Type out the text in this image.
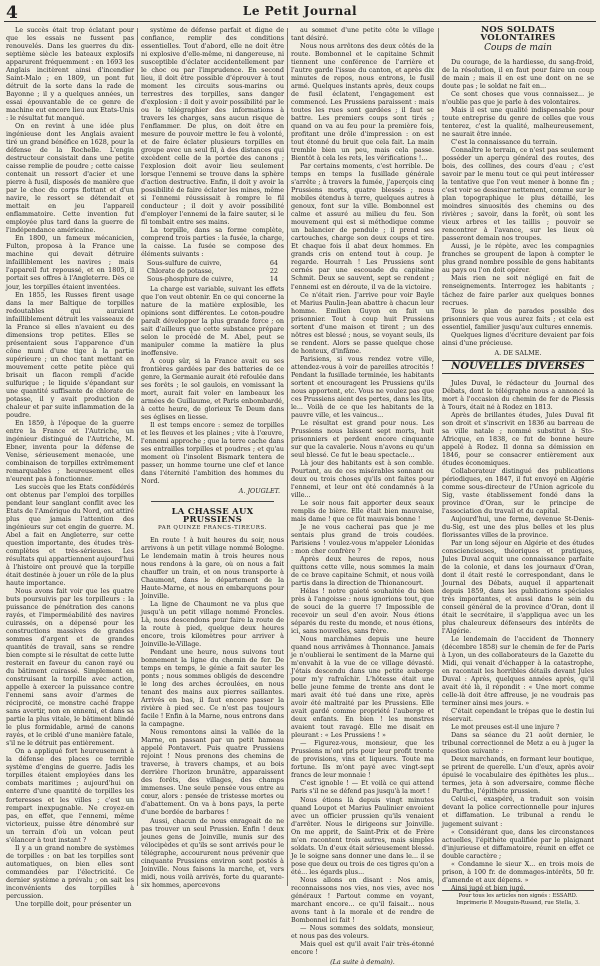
4	Le Petit Journal

Le succès était trop éclatant pour que les essais ne fussent pas renouvelés. Dans les guerres du dix-septième siècle les bateaux explosifs apparurent fréquemment : en 1693 les Anglais incitèrent ainsi d'incendier Saint-Malo ; en 1809, un pont fut détruit de la sorte dans la rade de Bayonne ; il y a quelques années, un essai épouvantable de ce genre de machine eut encore lieu aux Etats-Unis : le résultat fut manqué.

On en revint à une idée plus ingénieuse dont les Anglais avaient tiré un grand bénéfice en 1628, pour la défense de la Rochelle. L'engin destructeur consistait dans une petite caisse remplie de poudre ; cette caisse contenait un ressort d'acier et une pierre à fusil, disposés de manière que par le choc du corps flottant et d'un navire, le ressort se détendait et mettait en jeu l'appareil enflammatoire. Cette invention fut employée plus tard dans la guerre de l'indépendance américaine.

En 1800, un fameux mécanicien, Fulton, proposa à la France une machine qui devait détruire infailliblement les navires ; mais l'appareil fut repoussé, et en 1805, il portait ses offres à l'Angleterre. Dès ce jour, les torpilles étaient inventées.

En 1855, les Russes firent usage dans la mer Baltique de torpilles redoutables qui auraient infailliblement détruit les vaisseaux de la France si elles n'avaient eu des dimensions trop petites. Elles se présentaient sous l'apparence d'un cône muni d'une tige à la partie supérieure ; un choc tant mettant en mouvement cette petite pièce qui brisait un flacon rempli d'acide sulfurique ; le liquide s'épandant sur une quantité suffisante de chlorate de potasse, il y avait production de chaleur et par suite inflammation de la poudre.

En 1859, à l'époque de la guerre entre la France et l'Autriche, un ingénieur distingué de l'Autriche, M. Ebner, inventa pour la défense de Venise, sérieusement menacée, une combinaison de torpilles extrêmement remarquables ; heureusement elles n'eurent pas à fonctionner.

Les succès que les Etats confédérés ont obtenus par l'emploi des torpilles pendant leur sanglant conflit avec les Etats de l'Amérique du Nord, ont attiré plus que jamais l'attention des ingénieurs sur cet engin de guerre. M. Abel a fait en Angleterre, sur cette question importante, des études très-complètes et très-sérieuses. Les résultats qui appartiennent aujourd'hui à l'histoire ont prouvé que la torpille était destinée à jouer un rôle de la plus haute importance.

Nous avons fait voir que les quatre buts poursuivis par les torpilleurs : la puissance de pénétration des canons rayés, et l'imperméabilité des navires cuirassés, on a dépensé pour les constructions massives de grandes sommes d'argent et de grandes quantités de travail, sans se rendre bien compte si le résultat de cette lutte resterait en faveur du canon rayé ou du bâtiment cuirassé. Simplement en construisant la torpille avec action, appelle à exercer la puissance contre l'ennemi sans avoir d'armes de réciprocité, ce monstre caché frappe sans avertir, non en ennemi, et dans sa partie la plus vitale, le bâtiment blindé le plus formidable, armé de canons rayés, et le criblé d'une manière fatale, s'il ne le détruit pas entièrement.

On a appliqué fort heureusement à la défense des places ce terrible système d'engins de guerre. Jadis les torpilles étaient employées dans les combats maritimes ; aujourd'hui on enterre d'une quantité de torpilles les forteresses et les villes ; c'est un rempart inexpugnable. Ne croyez-en pas, en effet, que l'ennemi, même victorieux, puisse être dénombré sur un terrain d'où un volcan peut s'élancer à tout instant ?

Il y a un grand nombre de systèmes de torpilles : on bat les torpilles sont automatiques, on bien elles sont commandées par l'électricité. Ce dernier système a prévalu ; on sait les inconvénients des torpilles à percussion.

Une torpille doit, pour présenter un

système de défense parfait et digne de confiance, remplir des conditions essentielles. Tout d'abord, elle ne doit être ni explosive d'elle-même, ni dangereuse, ni susceptible d'éclater accidentellement par le choc ou par l'imprudence. En second lieu, il doit être possible d'éprouver à tout moment les circuits sous-marins ou terrestres des torpilles, sans danger d'explosion : il doit y avoir possibilité par le ou le télégraphier des informations à travers les charges, sans aucun risque de l'enflammer. De plus, on doit être en mesure de pouvoir mettre le feu à volonté, et de faire éclater plusieurs torpilles en groupe avec un seul fil, à des distances qui excèdent celle de la portée des canons ; l'explosion doit avoir lieu seulement lorsque l'ennemi se trouve dans la sphère d'action destructive. Enfin, il doit y avoir la possibilité de faire éclater les mines, même si l'ennemi réussissait à rompre le fil conducteur ; il doit y avoir possibilité d'employer l'ennemi de la faire sauter, si le fil tombait entre ses mains.

La torpille, dans sa forme complète, comprend trois parties : la fusée, la charge, la caisse. La fusée se compose des éléments suivants :

Sous-sulfure de cuivre,	64
Chlorate de potasse,	22
Sous-phosphure de cuivre,	14

La charge est variable, suivant les effets que l'on veut obtenir. En ce qui concerne la nature de la matière explosible, les opinions sont différentes. Le coton-poudre paraît développer la plus grande force ; on sait d'ailleurs que cette substance prépare selon le procédé de M. Abel, peut se manipuler comme la matière la plus inoffensive.

A coup sûr, si la France avait eu ses frontières gardées par des batteries de ce genre, la Germanie aurait été refoulée dans ses forêts ; le sol gaulois, en vomissant la mort, aurait fait voler en lambeaux les armées de Guillaume, et Paris enbombardé, à cette heure, de glorieux Te Deum dans ses églises en liesse.

Il est temps encore : semez de torpilles et les fleuves et les plaines ; vite à l'œuvre, l'ennemi approche ; que la terre cache dans ses entrailles torpilles et poudres ; et qu'au moment où l'insolent Bismark tentera de passer, un homme tourne une clef et lance dans l'éternité l'ambition des hommes du Nord.

A. JOUGLET.
LA CHASSE AUX PRUSSIENS
PAR QUINZE FRANCS-TIREURS.

En route ! à huit heures du soir, nous arrivons à un petit village nommé Bologne. Le lendemain matin à trois heures nous nous rendons à la gare, où on nous a fait chauffer un train, et on nous transporte à Chaumont, dans le département de la Haute-Marne, et nous en embarquons pour Joinville.

La ligne de Chaumont ne va plus que jusqu'à un petit village nommé Froncles. Là, nous descendons pour faire la route de la route à pied, quelque deux heures encore, trois kilomètres pour arriver à Joinville-le-Village.

Pendant une heure, nous suivons tout bonnement la ligne du chemin de fer. De temps en temps, le génie a fait sauter les ponts ; nous sommes obligés de descendre le long des arches écroulées, en nous tenant des mains aux pierres saillantes. Arrivés en bas, il faut encore passer la rivière à pied sec. Ce n'est pas toujours facile ! Enfin à la Marne, nous entrons dans la campagne.

Nous remontons ainsi la vallée de la Marne, en passant par un petit hameau appelé Pontavert. Puis quatre Prussiens rejoint ! Nous prenons des chemins de traverse, à travers champs, et au bois derrière l'horizon brunâtre, apparaissent des forêts, des villages, des champs immenses. Une seule pensée vous entre au cœur, alors : pensée de tristesse mortes ou d'abattement. On va à bons pays, la perte d'une bordée de barbares !

Aussi, chacun de nous enrageait de ne pas trouver un seul Prussien. Enfin ! deux jeunes gens de Joinville, munis sur des vélocipèdes et qu'ils se sont arrivés pour le télégraphe, accoururent nous prévenir que cinquante Prussiens environ sont postés à Joinville. Nous faisons la marche, et, vers midi, nous voilà arrivés, forte du quarante-six hommes, apercevons

au sommet d'une petite côte le village tant désiré.

Nous nous arrêtons des deux côtés de la route. Bombonnel et le capitaine Schmit tiennent une conférence de l'arrière et l'autre garde l'issue du canton, et après dix minutes de repos, nous entrons, le fusil armé. Quelques instants après, deux coups de fusil éclatent, l'engagement est commencé. Les Prussiens paraissent : mais toutes les rues sont gardées ; il faut se battre. Les premiers coups sont tirés ; quand on va au feu pour la première fois, profitant une drôle d'impression : on est tout étonné du bruit que cela fait. La main tremble bien un peu, mais cela passe. Bientôt à cela les rets, les vérifications !...

Par certains moments, c'est horrible. De temps en temps la fusillade générale s'arrête ; à travers la fumée, j'aperçois cinq Prussiens morts, quatre blessés ; nous mobiles étendus à terre, quelques autres à genoux, font sur la ville. Bombonnel est calme et assuré au milieu du feu. Son mouvement qui est si méthodique comme un balancier de pendule ; il prend ses cartouches, charge son deux coups et tire. Et chaque fois il abat deux hommes. En grands cris on entend tout à coup. Je regarde. Hourrah ! Les Prussiens sont cernés par une escouade du capitaine Schmit. Deux se sauvent, sept se rendent ; l'ennemi est en déroute, il va de la victoire.

Ce n'était rien. J'arrive pour voir Bayle et Marius Paulin-Jean abattre à chacun leur homme. Emilien Guyon en fait un prisonnier. Tout à coup huit Prussiens sortent d'une maison et tirent ; un des nôtres est blessé ; nous, se voyant seuls, ils se rendent. Alors se passe quelque chose de honteux, d'infâme.

Parisiens, si vous rendez votre ville, attendez-vous à voir de pareilles atrocités ! Pendant la fusillade terminée, les habitants sortent et encouragent les Prussiens qu'ils nous apportent, etc. Vous ne voulez pas que ces Prussiens aient des pertes, dans les lits, le... Voilà de ce que les habitants de la pauvre ville, et les vaincus...

Le résultat est grand pour nous. Les Prussiens nous laissent sept morts, huit prisonniers et perdent encore cinquante sur que la cavalerie. Nous n'avons eu qu'un seul blessé. Ce fut le beau spectacle...

Là jour des habitants est à son comble. Pourtant, au de ces misérables sonnant ou deux ou trois choses qu'ils ont faites pour l'ennemi, et leur ont été condamnés à la ville...

Le soir nous fait apporter deux seaux remplis de bière. Elle était bien mauvaise, mais dame ! que ce fût mauvais bonne !

Je ne vous cacherai pas que je me sentais plus grand de trois coudées. Parisiens ! voulez-vous m'appeler Léonidas : mon cher confrère ?

Après deux heures de repos, nous quittons cette ville, nous sommes la main de ce brave capitaine Schmit, et nous voilà partis dans la direction de Thionancourt.

Hélas ! notre gaieté souhaitée du bien près à l'angoisse : nous ignorions tout, que de souci de la guerre !? Impossible de recevoir un seul d'en avoir. Nous étions séparés du reste du monde, et nous étions, ici, sans nouvelles, sans frère.

Nous marchâmes depuis une heure quand nous arrivâmes à Thonnance. Jamais je n'oublierai le sentiment de la Marne qui m'envahit à la vue de ce village dévasté. J'étais descendu dans une petite auberge pour m'y rafraîchir. L'hôtesse était une belle jeune femme de trente ans dont le mari avait été tué dans une rixe, après avoir été maltraité par les Prussiens. Elle avait gardé comme propriété l'auberge et deux enfants. En bien ! les monstres avaient tout ravagé. Elle me disait en pleurant : « Les Prussiens ! »

— Figurez-vous, monsieur, que les Prussiens m'ont pris pour leur profit trente de provisions, vins et liqueurs. Toute ma fortune. Ils m'ont payé avec vingt-sept francs de leur monnaie !

C'est ignoble ! — Et voilà ce qui attend Paris s'il ne se défend pas jusqu'à la mort !

Nous étions là depuis vingt minutes quand Loupot et Marius Paulinier envoient avec un officier prussien qu'ils venaient d'arrêter. Nous le dirigeons sur Joinville. On me apprit, de Saint-Prix et de Frère m'en racontent trois autres, mais simples soldats. Un d'eux était sérieusement blessé. Je le soigne sans donner une dans le... il se pose que deux ou trois de ces tigres qu'on a été... les égards plus...

Nous allons en disant : Nos amis, reconnaissons nos vies, nos vies, avec nos généraux ! Partout comme en voyant, marchant encore... ce qu'il faisait... nous avons tant à la morale et de rendre de Bombonnel ici fait !

— Nous sommes des soldats, monsieur, et nous pas des voleurs.

Mais quel est qu'il avait l'air très-étonné encore !

(La suite à demain).
NOS SOLDATS VOLONTAIRES
Coups de main

Du courage, de la hardiesse, du sang-froid, de la résolution, il en faut pour faire un coup de main ; mais il en est une dont on ne se doute pas ; le soldat ne fait en...

Ce sont choses que vous connaissez... je n'oublie pas que je parle à des volontaires.

Mais il est une qualité indispensable pour toute entreprise du genre de celles que vous tenterez, c'est la qualité, malheureusement, ne saurait être innée.

C'est la connaissance du terrain.

Connaître le terrain, ce n'est pas seulement posséder un aperçu général des routes, des bois, des collines, des cours d'eau ; c'est savoir par le menu tout ce qui peut intéresser la tentative que l'on veut mener à bonne fin ; c'est voir se dessiner nettement, comme sur le plan topographique le plus détaillé, les moindres sinuosités des chemins ou des rivières ; savoir, dans la forêt, où sont les vieux arbres et les taillis ; pouvoir se rencontrer à l'avance, sur les lieux où passeront demain nos troupes.

Aussi, je le répète, avec les compagnies franches se groupent de lapon à compter le plus grand nombre possible de gens habitants au pays ou l'on doit opérer.

Mais rien ne soit négligé en fait de renseignements. Interrogez les habitants ; tâchez de faire parler aux quelques bonnes recrues.

Tous le plan de parades possible des prisonniers que vous aurez faits ; et cela est essentiel, familier jusqu'aux cultures ennemis.

Quelques lignes d'écriture devaient par fois ainsi d'une précieuse.

A. DE SALME.
NOUVELLES DIVERSES

Jules Duval, le rédacteur du Journal des Débats, dont le télégraphe nous a annoncé la mort à l'occasion du chemin de fer de Plessis à Tours, était né à Rodez en 1813.

Après de brillantes études, Jules Duval fit son droit et s'inscrivit en 1836 au barreau de sa ville natale ; nommé substitut à Sto-Africque, en 1838, ce fut de bonne heure appelé à Rodez. Il donna sa démission en 1846, pour se consacrer entièrement aux études économiques.

Collaborateur distingué des publications périodiques, en 1847, il fut envoyé en Algérie comme sous-directeur de l'Union agricole du Sig, vaste établissement fondé dans la province d'Oran, sur le principe de l'association du travail et du capital.

Aujourd'hui, une ferme, devenue St-Denis-du-Sig, est une des plus belles et les plus florissantes villes de la province.

Par un long séjour en Algérie et des études consciencieuses, théoriques et pratiques, Jules Duval acquit une connaissance parfaite de la colonie, et dans les journaux d'Oran, dont il était resté le correspondant, dans le Journal des Débats, auquel il appartenait depuis 1859, dans les publications spéciales très importantes, et aussi dans le sein du conseil général de la province d'Oran, dont il était le secrétaire, il s'appliqua avec un les plus chaleureux défenseurs des intérêts de l'Algérie.

Le lendemain de l'accident de Thonnery (décembre 1858) sur le chemin de fer de Paris à Lyon, un des collaborateurs de la Gazette du Midi, qui venait d'échapper à la catastrophe, en racontait les horribles détails devant Jules Duval : Après, quelques années après, qu'il avait été là, il répondit : « Une mort comme celle-là doit être affreuse, je ne voudrais pas terminer ainsi mes jours. »

C'était cependant le trépas que le destin lui réservait.

Le mot preuses est-il une injure ?

Dans sa séance du 21 août dernier, le tribunal correctionnel de Metz a eu à juger la question suivante :

Deux marchands, en formant leur boutique, se prirent de querelle. L'un d'eux, après avoir épuisé le vocabulaire des épithètes les plus... termes, jeta à son adversaire, comme flèche du Parthe, l'épithète prussien.

Celui-ci, exaspéré, a traduit son voisin devant la police correctionnelle pour injures et diffamation. Le tribunal a rendu le jugement suivant :

« Considérant que, dans les circonstances actuelles, l'épithète qualifiée par le plaignant d'injurieuse et diffamatoire, réunit en effet ce double caractère ;

« Condamne le sieur X... en trois mois de prison, à 100 fr. de dommages-intérêts, 50 fr. d'amende et aux dépens. »

Ainsi jugé et bien jugé.

Pour tous les articles non signés : ESSARD.
Imprimerie P. Mouguin-Rusand, rue Stella, 3.
